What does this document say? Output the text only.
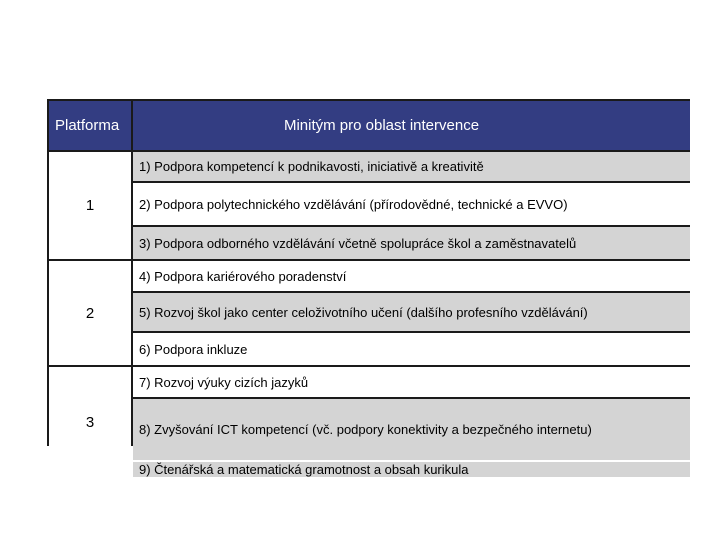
Platforma	Minitým pro oblast intervence
1
2
3
1) Podpora kompetencí k podnikavosti, iniciativě a kreativitě
2) Podpora polytechnického vzdělávání (přírodovědné, technické a EVVO)
3) Podpora odborného vzdělávání včetně spolupráce škol a zaměstnavatelů
4) Podpora kariérového poradenství
5) Rozvoj škol jako center celoživotního učení (dalšího profesního vzdělávání)
6) Podpora inkluze
7) Rozvoj výuky cizích jazyků
8) Zvyšování ICT kompetencí (vč. podpory konektivity a bezpečného internetu)
9) Čtenářská a matematická gramotnost a obsah kurikula
